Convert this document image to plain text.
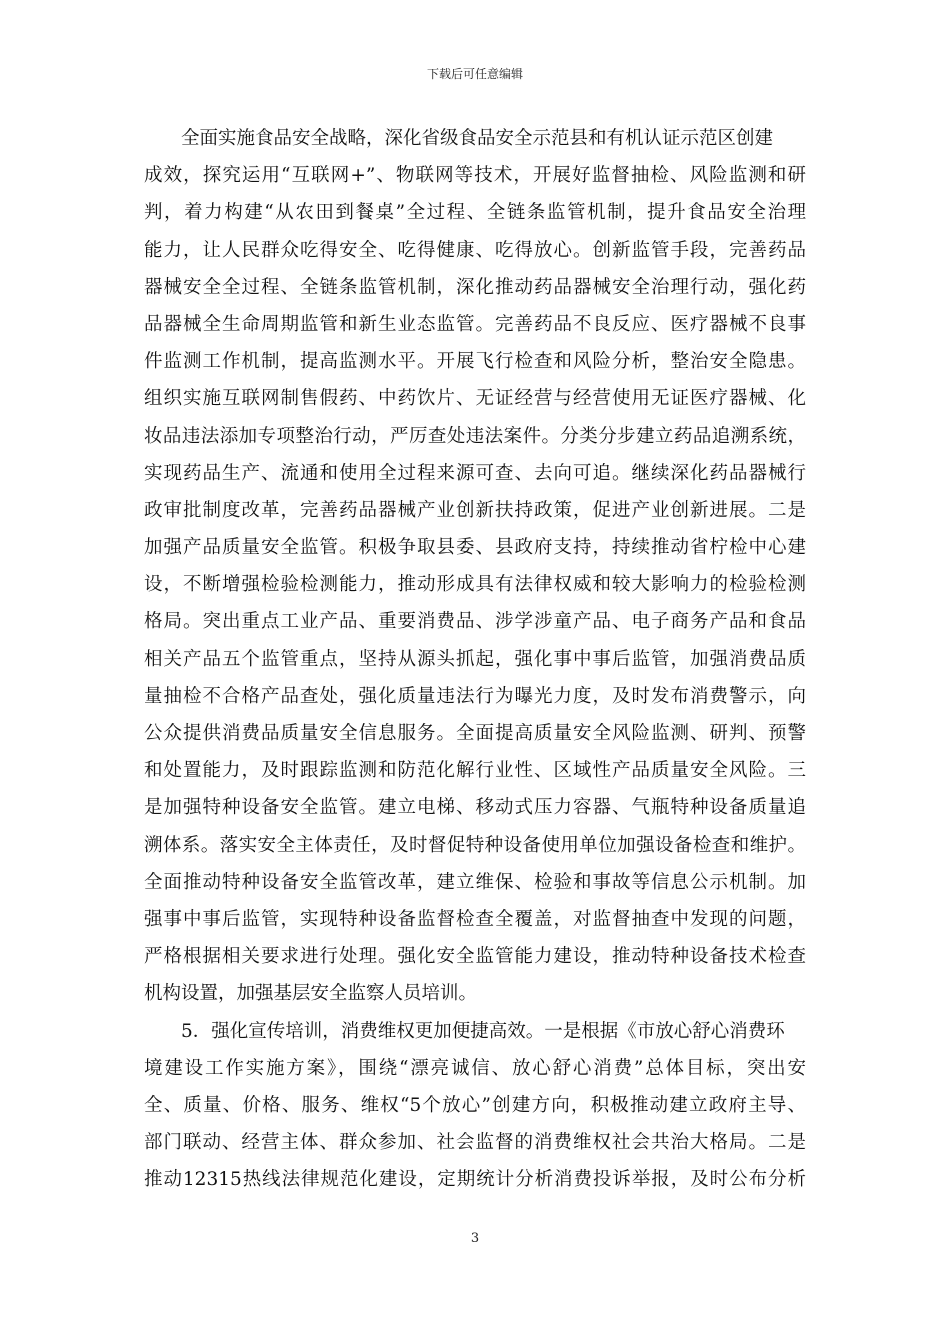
下载后可任意编辑
全面实施食品安全战略，深化省级食品安全示范县和有机认证示范区创建
成效，探究运用“互联网+”、物联网等技术，开展好监督抽检、风险监测和研
判，着力构建“从农田到餐桌”全过程、全链条监管机制，提升食品安全治理
能力，让人民群众吃得安全、吃得健康、吃得放心。创新监管手段，完善药品
器械安全全过程、全链条监管机制，深化推动药品器械安全治理行动，强化药
品器械全生命周期监管和新生业态监管。完善药品不良反应、医疗器械不良事
件监测工作机制，提高监测水平。开展飞行检查和风险分析，整治安全隐患。
组织实施互联网制售假药、中药饮片、无证经营与经营使用无证医疗器械、化
妆品违法添加专项整治行动，严厉查处违法案件。分类分步建立药品追溯系统，
实现药品生产、流通和使用全过程来源可查、去向可追。继续深化药品器械行
政审批制度改革，完善药品器械产业创新扶持政策，促进产业创新进展。二是
加强产品质量安全监管。积极争取县委、县政府支持，持续推动省柠检中心建
设，不断增强检验检测能力，推动形成具有法律权威和较大影响力的检验检测
格局。突出重点工业产品、重要消费品、涉学涉童产品、电子商务产品和食品
相关产品五个监管重点，坚持从源头抓起，强化事中事后监管，加强消费品质
量抽检不合格产品查处，强化质量违法行为曝光力度，及时发布消费警示，向
公众提供消费品质量安全信息服务。全面提高质量安全风险监测、研判、预警
和处置能力，及时跟踪监测和防范化解行业性、区域性产品质量安全风险。三
是加强特种设备安全监管。建立电梯、移动式压力容器、气瓶特种设备质量追
溯体系。落实安全主体责任，及时督促特种设备使用单位加强设备检查和维护。
全面推动特种设备安全监管改革，建立维保、检验和事故等信息公示机制。加
强事中事后监管，实现特种设备监督检查全覆盖，对监督抽查中发现的问题，
严格根据相关要求进行处理。强化安全监管能力建设，推动特种设备技术检查
机构设置，加强基层安全监察人员培训。
5．强化宣传培训，消费维权更加便捷高效。一是根据《市放心舒心消费环
境建设工作实施方案》，围绕“漂亮诚信、放心舒心消费”总体目标，突出安
全、质量、价格、服务、维权“5个放心”创建方向，积极推动建立政府主导、
部门联动、经营主体、群众参加、社会监督的消费维权社会共治大格局。二是
推动12315热线法律规范化建设，定期统计分析消费投诉举报，及时公布分析
3
